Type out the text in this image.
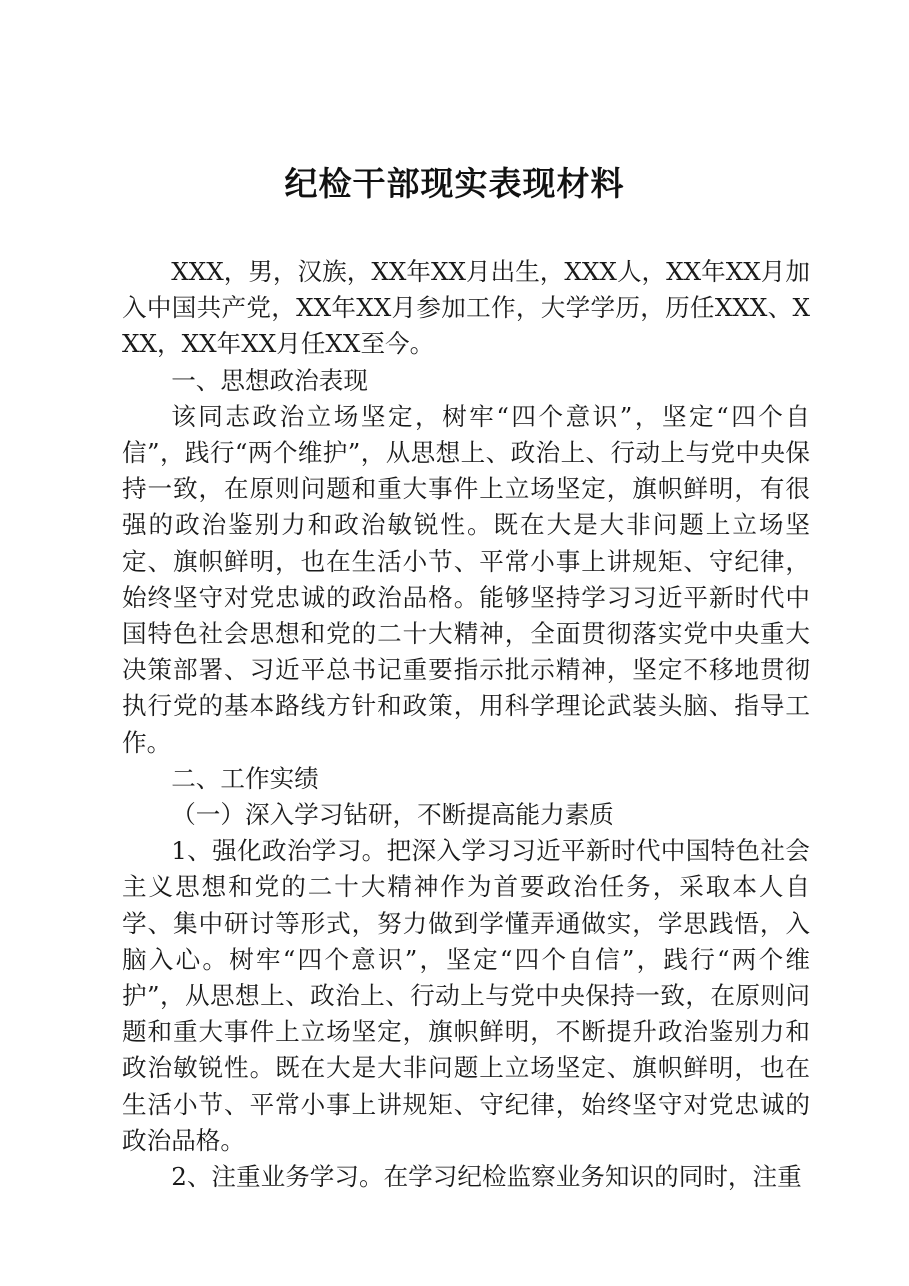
纪检干部现实表现材料

XXX，男，汉族，XX年XX月出生，XXX人，XX年XX月加入中国共产党，XX年XX月参加工作，大学学历，历任XXX、XXX，XX年XX月任XX至今。

一、思想政治表现

该同志政治立场坚定，树牢“四个意识”，坚定“四个自信”，践行“两个维护”，从思想上、政治上、行动上与党中央保持一致，在原则问题和重大事件上立场坚定，旗帜鲜明，有很强的政治鉴别力和政治敏锐性。既在大是大非问题上立场坚定、旗帜鲜明，也在生活小节、平常小事上讲规矩、守纪律，始终坚守对党忠诚的政治品格。能够坚持学习习近平新时代中国特色社会思想和党的二十大精神，全面贯彻落实党中央重大决策部署、习近平总书记重要指示批示精神，坚定不移地贯彻执行党的基本路线方针和政策，用科学理论武装头脑、指导工作。

二、工作实绩

（一）深入学习钻研，不断提高能力素质

1、强化政治学习。把深入学习习近平新时代中国特色社会主义思想和党的二十大精神作为首要政治任务，采取本人自学、集中研讨等形式，努力做到学懂弄通做实，学思践悟，入脑入心。树牢“四个意识”，坚定“四个自信”，践行“两个维护”，从思想上、政治上、行动上与党中央保持一致，在原则问题和重大事件上立场坚定，旗帜鲜明，不断提升政治鉴别力和政治敏锐性。既在大是大非问题上立场坚定、旗帜鲜明，也在生活小节、平常小事上讲规矩、守纪律，始终坚守对党忠诚的政治品格。

2、注重业务学习。在学习纪检监察业务知识的同时，注重
